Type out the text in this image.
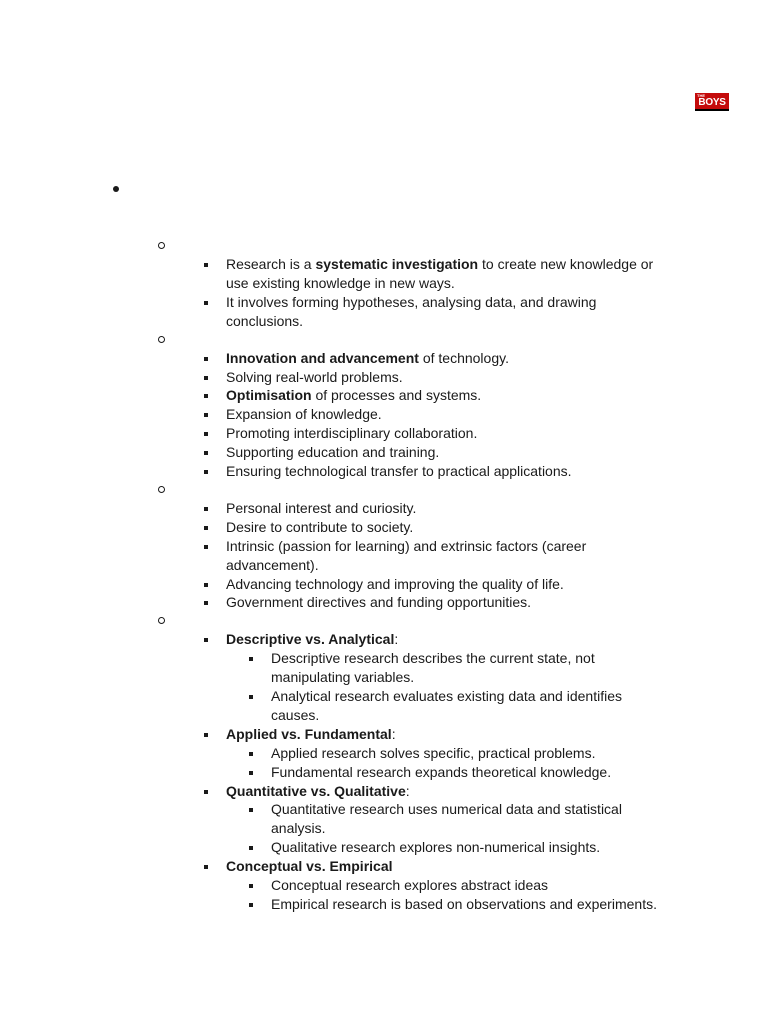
THE
BOYS
Research is a systematic investigation to create new knowledge or
use existing knowledge in new ways.
It involves forming hypotheses, analysing data, and drawing
conclusions.
Innovation and advancement of technology.
Solving real-world problems.
Optimisation of processes and systems.
Expansion of knowledge.
Promoting interdisciplinary collaboration.
Supporting education and training.
Ensuring technological transfer to practical applications.
Personal interest and curiosity.
Desire to contribute to society.
Intrinsic (passion for learning) and extrinsic factors (career
advancement).
Advancing technology and improving the quality of life.
Government directives and funding opportunities.
Descriptive vs. Analytical:
Descriptive research describes the current state, not
manipulating variables.
Analytical research evaluates existing data and identifies
causes.
Applied vs. Fundamental:
Applied research solves specific, practical problems.
Fundamental research expands theoretical knowledge.
Quantitative vs. Qualitative:
Quantitative research uses numerical data and statistical
analysis.
Qualitative research explores non-numerical insights.
Conceptual vs. Empirical
Conceptual research explores abstract ideas
Empirical research is based on observations and experiments.
